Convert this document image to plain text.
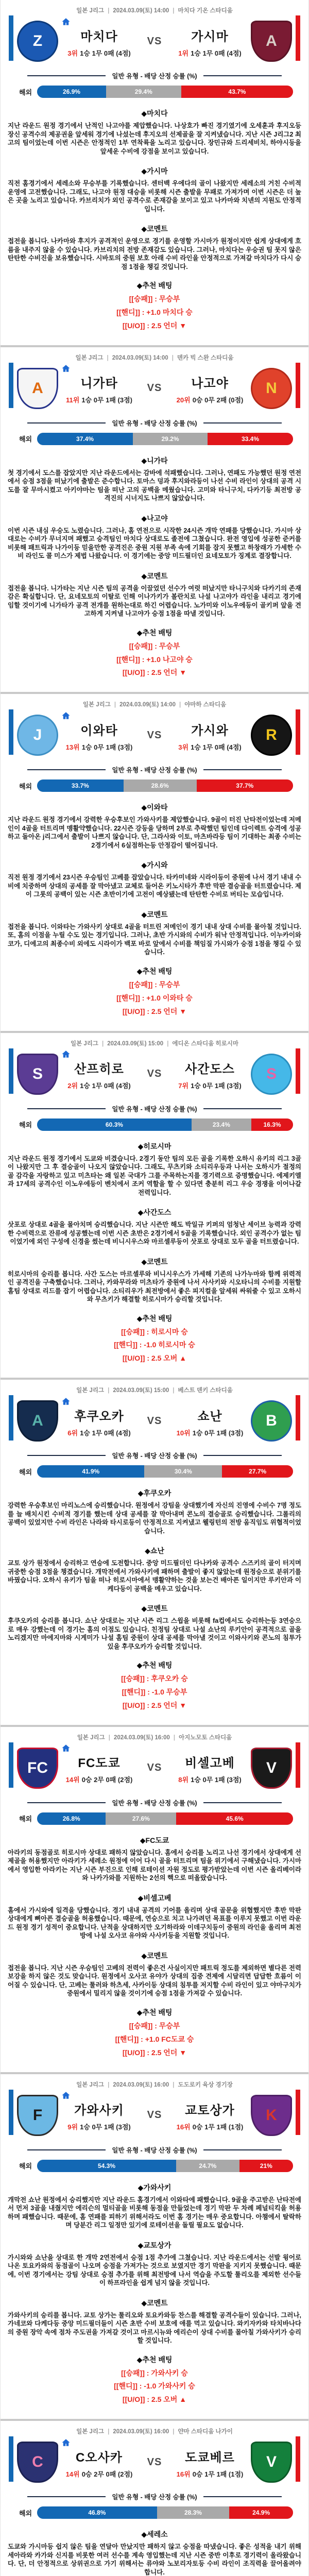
일본 J리그 | 2024.03.09(토) 14:00 | 마치다 기온 스타디움
Z	마치다
3위 1승 1무 0패 (4점)
VS	가시마
1위 1승 1무 0패 (4점)
A
일반 유형 - 배당 산정 승률 (%)
해외	26.9%	29.4%	43.7%
◆마치다

지난 라운드 원정 경기에서 난적인 나고야를 제압했습니다. 나상호가 빠진 경기였기에 오세훈과 후지오등 장신 공격수의 제공권을 앞세워 경기에 나섰는데 후지오의 선제골을 잘 지켜냈습니다. 지난 시즌 J리그2 최고의 팀이었는데 이번 시즌은 안정적인 1부 연착륙을 노리고 있습니다. 장민규와 드리세비치, 하야시등을 앞세운 수비에 강점을 보이고 있습니다.

◆가시마

직전 홈경기에서 세레소와 무승부를 기록했습니다. 센터백 우에다의 골이 나왔지만 세레소의 거친 수비적 운영에 고전했습니다. 그래도, 나고야 원정 대승을 비롯해 시즌 출발을 무패로 가져가며 이번 시즌은 더 높은 곳을 노리고 있습니다. 카브리치가 외인 공격수로 존재감을 보이고 있고 나카마와 치넨의 지원도 안정적입니다.

◆코멘트

접전을 봅니다. 나카마와 후지가 공격적인 운영으로 경기를 운영할 가시마가 원정이지만 쉽게 상대에게 흐름을 내주지 않을 수 있습니다. 카브리치의 전방 존재감도 있습니다. 그러나, 마치다는 우승권 팀 못지 않은 탄탄한 수비진을 보유했습니다. 시바토의 중원 보호 아래 수비 라인을 안정적으로 가져갈 마치다가 다시 승점 1점을 챙길 것입니다.

◆추천 배팅
[[승패]] : 무승부
[[핸디]] : +1.0 마치다 승
[[U/O]] : 2.5 언더 ▼
일본 J리그 | 2024.03.09(토) 14:00 | 덴카 빅 스완 스타디움
A	니가타
11위 1승 0무 1패 (3점)
VS	나고야
20위 0승 0무 2패 (0점)
N
일반 유형 - 배당 산정 승률 (%)
해외	37.4%	29.2%	33.4%
◆니가타

첫 경기에서 도스를 잡았지만 지난 라운드에서는 감바에 석패했습니다. 그러나, 연패도 가능했던 원정 연전에서 승점 3점을 떠났기에 출발은 준수합니다. 토마스 덩과 후지와라등이 나선 수비 라인이 상대의 공격 시도를 잘 무마시켰고 아키야마는 팀을 떠난 고의 공백을 메웠습니다. 고미와 타니구치, 다카기등 최전방 공격진의 시너지도 나쁘지 않았습니다.

◆나고야

이번 시즌 내심 우승도 노렸습니다. 그러나, 홈 연전으로 시작한 24시즌 개막 연패를 당했습니다. 가시마 상대로는 수비가 무너지며 패했고 승격팀인 마치다 상대로도 졸전에 그쳤습니다. 완전 영입에 성공한 준커를 비롯해 패트릭과 나가이등 믿을만한 공격진은 중원 지원 부족 속에 기회를 잡지 못했고 하창래가 가세한 수비 라인도 콜 미스가 제법 나왔습니다. 이 경기에는 중앙 미드필더인 요네모토가 징계로 결장합니다.

◆코멘트

접전을 봅니다. 니가타는 지난 시즌 팀의 공격을 이끌었던 선수가 여럿 떠났지만 타니구치와 다카기의 존재감은 확실합니다. 단, 요네모토의 이탈로 인해 이나가키가 볼란치로 나설 나고야가 라인을 내리고 경기에 임할 것이기에 니가타가 공격 전개를 원하는대로 하긴 어렵습니다. 노가미와 이노우에등이 골키퍼 앞을 견고하게 지켜낼 나고야가 승점 1점을 따낼 것입니다.

◆추천 배팅
[[승패]] : 무승부
[[핸디]] : +1.0 나고야 승
[[U/O]] : 2.5 언더 ▼
일본 J리그 | 2024.03.09(토) 14:00 | 야마하 스타디움
J	이와타
13위 1승 0무 1패 (3점)
VS	가시와
3위 1승 1무 0패 (4점)
R
일반 유형 - 배당 산정 승률 (%)
해외	33.7%	28.6%	37.7%
◆이와타

지난 라운드 원정 경기에서 강력한 우승후보인 가와사키를 제압했습니다. 9골이 터진 난타전이었는데 저메인이 4골을 터트리며 맹활약했습니다. 22시즌 강등을 당하며 2부로 추락했던 팀인데 다이렉트 승격에 성공하고 돌아온 j리그에서 출발이 나쁘지 않습니다. 단, 그라사와 이토, 마츠바라등 팀이 기대하는 최종 수비는 2경기에서 6실점하는등 안정감이 떨어집니다.

◆가시와

직전 원정 경기에서 23시즌 우승팀인 고베를 잡았습니다. 타카미네와 시라이등이 중원에 나서 경기 내내 수비에 치중하며 상대의 공세를 잘 막아냈고 교체로 들어온 키노시타가 후반 막판 결승골을 터트렸습니다. 제이 그롯의 공백이 있는 시즌 초반이기에 고전이 예상됐는데 탄탄한 수비로 버티는 모습입니다.

◆코멘트

접전을 봅니다. 이와타는 가와사키 상대로 4골을 터트린 저메인이 경기 내내 상대 수비를 몰아칠 것입니다. 또, 홈의 이점을 누릴 수도 있는 경기입니다. 그러나, 초반 가시와의 수비가 워낙 안정적입니다. 이누카이와 코가, 디에고의 최종수비 외에도 시라이가 백포 바로 앞에서 수비를 책임질 가시와가 승점 1점을 챙길 수 있습니다.

◆추천 배팅
[[승패]] : 무승부
[[핸디]] : +1.0 이와타 승
[[U/O]] : 2.5 언더 ▼
일본 J리그 | 2024.03.09(토) 15:00 | 에디온 스타디움 히로시마
S	산프히로
2위 1승 1무 0패 (4점)
VS	사간도스
7위 1승 0무 1패 (3점)
S
일반 유형 - 배당 산정 승률 (%)
해외	60.3%	23.4%	16.3%
◆히로시마

지난 라운드 원정 경기에서 도쿄와 비겼습니다. 2경기 동안 팀의 모든 골을 기록한 오하시 유키의 리그 3골이 나왔지만 그 후 결승골이 나오지 않았습니다. 그래도, 무츠키와 소티리우등과 나서는 오하시가 절정의 골 감각을 자랑하고 있고 미츠타는 왜 일본 국대가 그를 주목하는지를 경기력으로 증명했습니다. 에제키엘과 17세의 공격수인 이노우에등이 벤치에서 조커 역할을 할 수 있다면 충분히 리그 우승 경쟁을 이어나갈 전력입니다.

◆사간도스

삿포로 상대로 4골을 몰아치며 승리했습니다. 지난 시즌만 해도 박일규 키퍼의 엄청난 세이브 능력과 강력한 수비력으로 잔류에 성공했는데 이번 시즌 초반은 2경기에서 5골을 기록했습니다. 외인 공격수가 없는 팀이었기에 외인 구성에 신경을 썼는데 비니시우스와 마르셀루등이 삿포로 상대로 모두 골을 터트렸습니다.

◆코멘트

히로시마의 승리를 봅니다. 사간 도스는 마르셀루와 비니시우스가 가세해 기존의 나가누마와 함께 위력적인 공격진을 구축했습니다. 그러나, 카와무라와 미츠타가 중원에 나서 사사키와 시오타니의 수비를 지원할 홈팀 상대로 리드를 잡기 어렵습니다. 소티리우가 최전방에서 좋은 피지컬을 앞세워 싸워줄 수 있고 오하시와 무츠키가 해결할 히로시마가 승리할 것입니다.

◆추천 배팅
[[승패]] : 히로시마 승
[[핸디]] : -1.0 히로시마 승
[[U/O]] : 2.5 오버 ▲
일본 J리그 | 2024.03.09(토) 15:00 | 베스트 덴키 스타디움
A	후쿠오카
6위 1승 1무 0패 (4점)
VS	쇼난
10위 1승 0무 1패 (3점)
B
일반 유형 - 배당 산정 승률 (%)
해외	41.9%	30.4%	27.7%
◆후쿠오카

강력한 우승후보인 마리노스에 승리했습니다. 원정에서 강팀을 상대했기에 자신의 진영에 수비수 7명 정도를 늘 배치시킨 수비적 경기를 했는데 상대 공세를 잘 막아내며 콘노의 결승골로 승리했습니다. 그롤리의 공백이 있었지만 수비 라인은 나라와 타시로등이 안정적으로 지켜냈고 웰링턴의 전방 움직임도 위협적이었습니다.

◆쇼난

교토 상가 원정에서 승리하고 연승에 도전합니다. 중앙 미드필더인 다나카와 공격수 스즈키의 골이 터지며 귀중한 승점 3점을 챙겼습니다. 개막전에서 가와사키에 패하며 출발이 좋지 않았는데 원정승으로 분위기를 바꿨습니다. 오하시 유키가 팀을 떠나 히로시마에서 맹활약하는 것을 보는건 배아픈 일이지만 루키안과 이케다등이 공백을 메우고 있습니다.

◆코멘트

후쿠오카의 승리를 봅니다. 쇼난 상대로는 지난 시즌 리그 스윕을 비롯해 fa컵에서도 승리하는등 3연승으로 매우 강했는데 이 경기는 홈의 이점도 있습니다. 친정팀 상대로 나설 쇼난의 루키안이 공격적으로 골을 노리겠지만 마에지마와 시게미가 나설 홈팀 중원이 상대 공세를 막아낼 것이고 이와사키와 콘노의 침투가 있을 후쿠오카가 승리할 것입니다.

◆추천 배팅
[[승패]] : 후쿠오카 승
[[핸디]] : -1.0 무승부
[[U/O]] : 2.5 언더 ▼
일본 J리그 | 2024.03.09(토) 16:00 | 아지노모토 스타디움
FC	FC도쿄
14위 0승 2무 0패 (2점)
VS	비셀고베
8위 1승 0무 1패 (3점)
V
일반 유형 - 배당 산정 승률 (%)
해외	26.8%	27.6%	45.6%
◆FC도쿄

아라키의 동점골로 히로시마 상대로 패하지 않았습니다. 홈에서 승리를 노리고 나선 경기에서 상대에게 선제골을 허용했지만 아라키가 세레소 원정에 이어 다시 골을 터트리며 팀을 위기에서 구해냈습니다. 가시마에서 영입한 아라키는 지난 시즌 부진으로 인해 로테이션 자원 정도로 평가받았는데 이번 시즌 올리베이라와 나카가와를 지원하는 2선의 핵으로 떠올랐습니다.

◆비셀고베

홈에서 가시와에 일격을 당했습니다. 경기 내내 공격의 기어를 올리며 상대 골문을 위협했지만 후반 막판 상대에게 뼈아픈 결승골을 허용했습니다. 때문에, 연승으로 치고 나가려던 목표를 이루지 못했고 이번 라운드 원정 경기 성적이 중요합니다. 난적을 상대하지만 오기하라와 이데구치등이 중원의 라인을 올리며 최전방에 나설 오사코 유야와 사사키등을 지원할 것입니다.

◆코멘트

접전을 봅니다. 지난 시즌 우승팀인 고베의 전력이 좋은건 사실이지만 패트릭 정도를 제외하면 별다른 전력 보강을 하지 않은 것도 맞습니다. 원정에서 오사코 유야가 상대의 집중 견제에 시달리면 답답한 흐름이 이어질 수 있습니다. 단, 고베는 툴러와 하츠세, 사카이등 상대의 침투를 저지할 수비 라인이 있고 야마구치가 중원에서 밀리지 않을 것이기에 승점 1점을 가져갈 수 있습니다.

◆추천 배팅
[[승패]] : 무승부
[[핸디]] : +1.0 FC도쿄 승
[[U/O]] : 2.5 언더 ▼
일본 J리그 | 2024.03.09(토) 16:00 | 도도로키 육상 경기장
F	가와사키
9위 1승 0무 1패 (3점)
VS	교토상가
16위 0승 1무 1패 (1점)
K
일반 유형 - 배당 산정 승률 (%)
해외	54.3%	24.7%	21%
◆가와사키

개막전 쇼난 원정에서 승리했지만 지난 라운드 홈경기에서 이와타에 패했습니다. 9골을 주고받은 난타전에서 먼저 3골을 내줬지만 에리슨의 멀티골을 비롯해 동점을 만들었는데 경기 막판 두 차례 페널티킥을 허용하며 패했습니다. 때문에, 홈 연패를 피하기 위해서라도 이번 홈 경기는 매우 중요합니다. 아챔에서 탈락하며 당분간 리그 일정만 있기에 로테이션을 돌릴 필요도 없습니다.

◆교토상가

가시와와 쇼난을 상대로 한 개막 2연전에서 승점 1점 추가에 그쳤습니다. 지난 라운드에서는 선발 윙어로 나온 토요카와의 동점골이 나오며 승점을 가져가는 것으로 보였지만 경기 막판을 지키지 못했습니다. 때문에, 이번 경기에서는 강팀 상대로 승점 추가를 위해 최전방에 나서 역습을 주도할 툴리오를 제외한 선수들이 하프라인을 쉽게 넘지 않을 것입니다.

◆코멘트

가와사키의 승리를 봅니다. 교토 상가는 툴리오와 토요카와등 찬스를 해결할 공격수들이 있습니다. 그러나, 가네코와 다케다등 중앙 미드필더들이 시즌 초반 수비 보호에 애를 먹고 있습니다. 와키자카와 타치바나다의 중원 장악 속에 점차 주도권을 가져갈 것이고 마르시뉴와 에리슨이 상대 수비를 몰아칠 가와사키가 승리할 것입니다.

◆추천 배팅
[[승패]] : 가와사키 승
[[핸디]] : -1.0 가와사키 승
[[U/O]] : 2.5 오버 ▲
일본 J리그 | 2024.03.09(토) 16:00 | 얀마 스타디움 나가이
C	C오사카
14위 0승 2무 0패 (2점)
VS	도쿄베르
16위 0승 1무 1패 (1점)
V
일반 유형 - 배당 산정 승률 (%)
해외	46.8%	28.3%	24.9%
◆세레소

도쿄와 가시마등 쉽지 않은 팀을 연달아 만났지만 패하지 않고 승점을 따냈습니다. 좋은 성적을 내기 위해 세아라와 카가와 신지를 비롯한 여러 선수를 계속 영입했는데 지난 시즌 중반 이후로 경기력이 올라왔습니다. 단, 더 안정적으로 상위권으로 가기 위해서는 류야와 노보리자토등 수비 라인이 조직력을 끌어올려야 합니다.
